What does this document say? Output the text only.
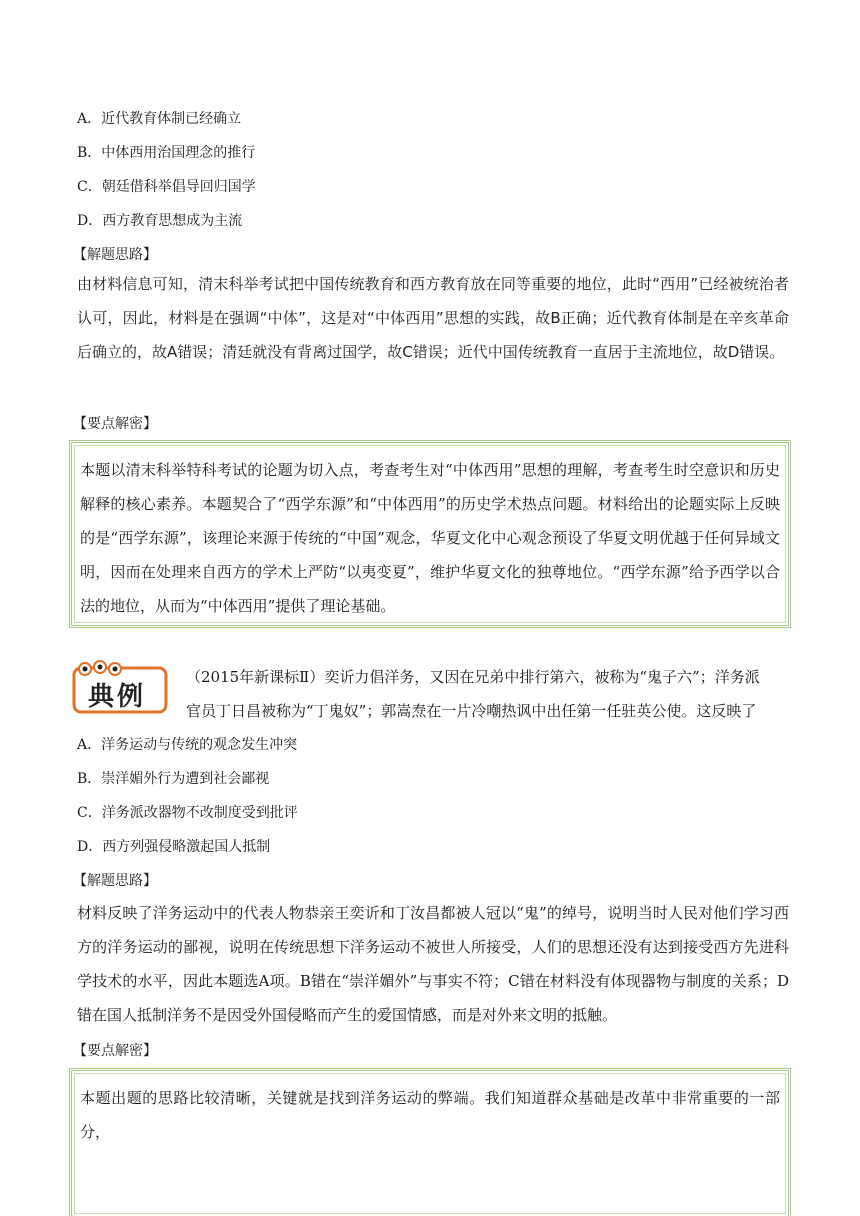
A．近代教育体制已经确立
B．中体西用治国理念的推行
C．朝廷借科举倡导回归国学
D．西方教育思想成为主流
【解题思路】
由材料信息可知，清末科举考试把中国传统教育和西方教育放在同等重要的地位，此时“西用”已经被统治者认可，因此，材料是在强调“中体”，这是对“中体西用”思想的实践，故B正确；近代教育体制是在辛亥革命后确立的，故A错误；清廷就没有背离过国学，故C错误；近代中国传统教育一直居于主流地位，故D错误。
【要点解密】
本题以清末科举特科考试的论题为切入点，考查考生对“中体西用”思想的理解，考查考生时空意识和历史解释的核心素养。本题契合了“西学东源”和“中体西用”的历史学术热点问题。材料给出的论题实际上反映的是“西学东源”，该理论来源于传统的“中国”观念，华夏文化中心观念预设了华夏文明优越于任何异域文明，因而在处理来自西方的学术上严防“以夷变夏”，维护华夏文化的独尊地位。“西学东源”给予西学以合法的地位，从而为“中体西用”提供了理论基础。
典例
（2015年新课标Ⅱ）奕䜣力倡洋务，又因在兄弟中排行第六，被称为“鬼子六”；洋务派
官员丁日昌被称为“丁鬼奴”；郭嵩焘在一片冷嘲热讽中出任第一任驻英公使。这反映了
A．洋务运动与传统的观念发生冲突
B．崇洋媚外行为遭到社会鄙视
C．洋务派改器物不改制度受到批评
D．西方列强侵略激起国人抵制
【解题思路】
材料反映了洋务运动中的代表人物恭亲王奕䜣和丁汝昌都被人冠以“鬼”的绰号，说明当时人民对他们学习西方的洋务运动的鄙视，说明在传统思想下洋务运动不被世人所接受，人们的思想还没有达到接受西方先进科学技术的水平，因此本题选A项。B错在“崇洋媚外”与事实不符；C错在材料没有体现器物与制度的关系；D错在国人抵制洋务不是因受外国侵略而产生的爱国情感，而是对外来文明的抵触。
【要点解密】
本题出题的思路比较清晰，关键就是找到洋务运动的弊端。我们知道群众基础是改革中非常重要的一部分，
